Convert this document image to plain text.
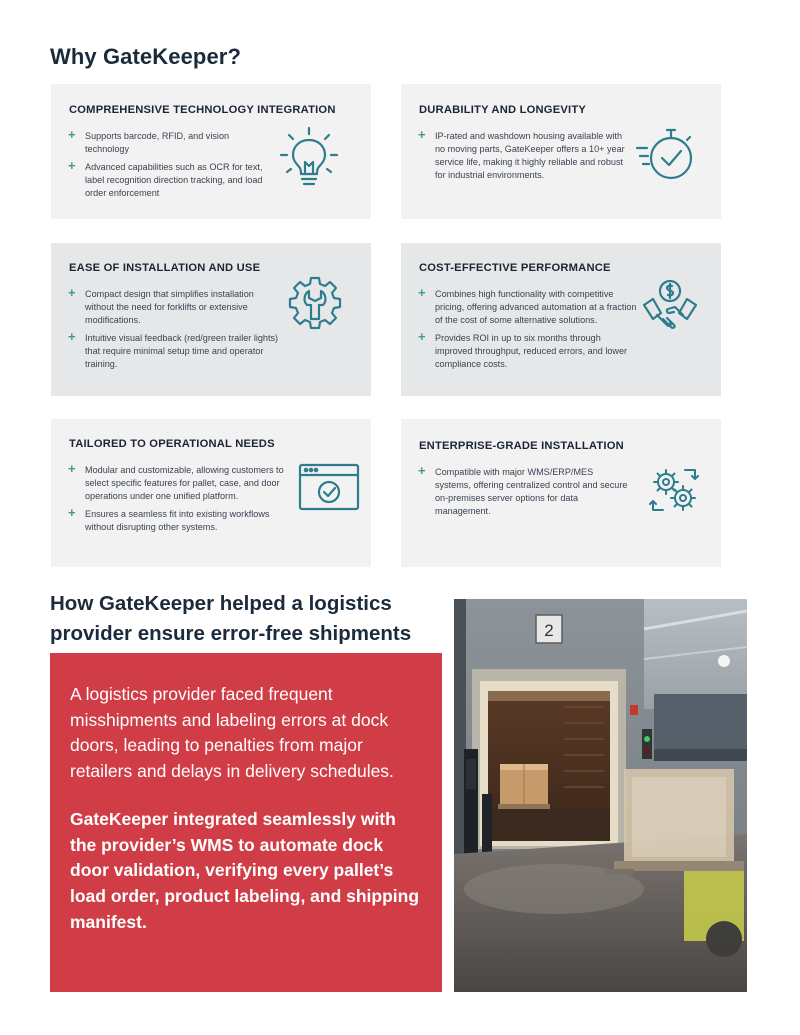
Why GateKeeper?
COMPREHENSIVE TECHNOLOGY INTEGRATION
+ Supports barcode, RFID, and vision technology
+ Advanced capabilities such as OCR for text, label recognition direction tracking, and load order enforcement
DURABILITY AND LONGEVITY
+ IP-rated and washdown housing available with no moving parts, GateKeeper offers a 10+ year service life, making it highly reliable and robust for industrial environments.
EASE OF INSTALLATION AND USE
+ Compact design that simplifies installation without the need for forklifts or extensive modifications.
+ Intuitive visual feedback (red/green trailer lights) that require minimal setup time and operator training.
COST-EFFECTIVE PERFORMANCE
+ Combines high functionality with competitive pricing, offering advanced automation at a fraction of the cost of some alternative solutions.
+ Provides ROI in up to six months through improved throughput, reduced errors, and lower compliance costs.
TAILORED TO OPERATIONAL NEEDS
+ Modular and customizable, allowing customers to select specific features for pallet, case, and door operations under one unified platform.
+ Ensures a seamless fit into existing workflows without disrupting other systems.
ENTERPRISE-GRADE INSTALLATION
+ Compatible with major WMS/ERP/MES systems, offering centralized control and secure on-premises server options for data management.
How GateKeeper helped a logistics provider ensure error-free shipments

A logistics provider faced frequent misshipments and labeling errors at dock doors, leading to penalties from major retailers and delays in delivery schedules.

GateKeeper integrated seamlessly with the provider’s WMS to automate dock door validation, verifying every pallet’s load order, product labeling, and shipping manifest.

2
